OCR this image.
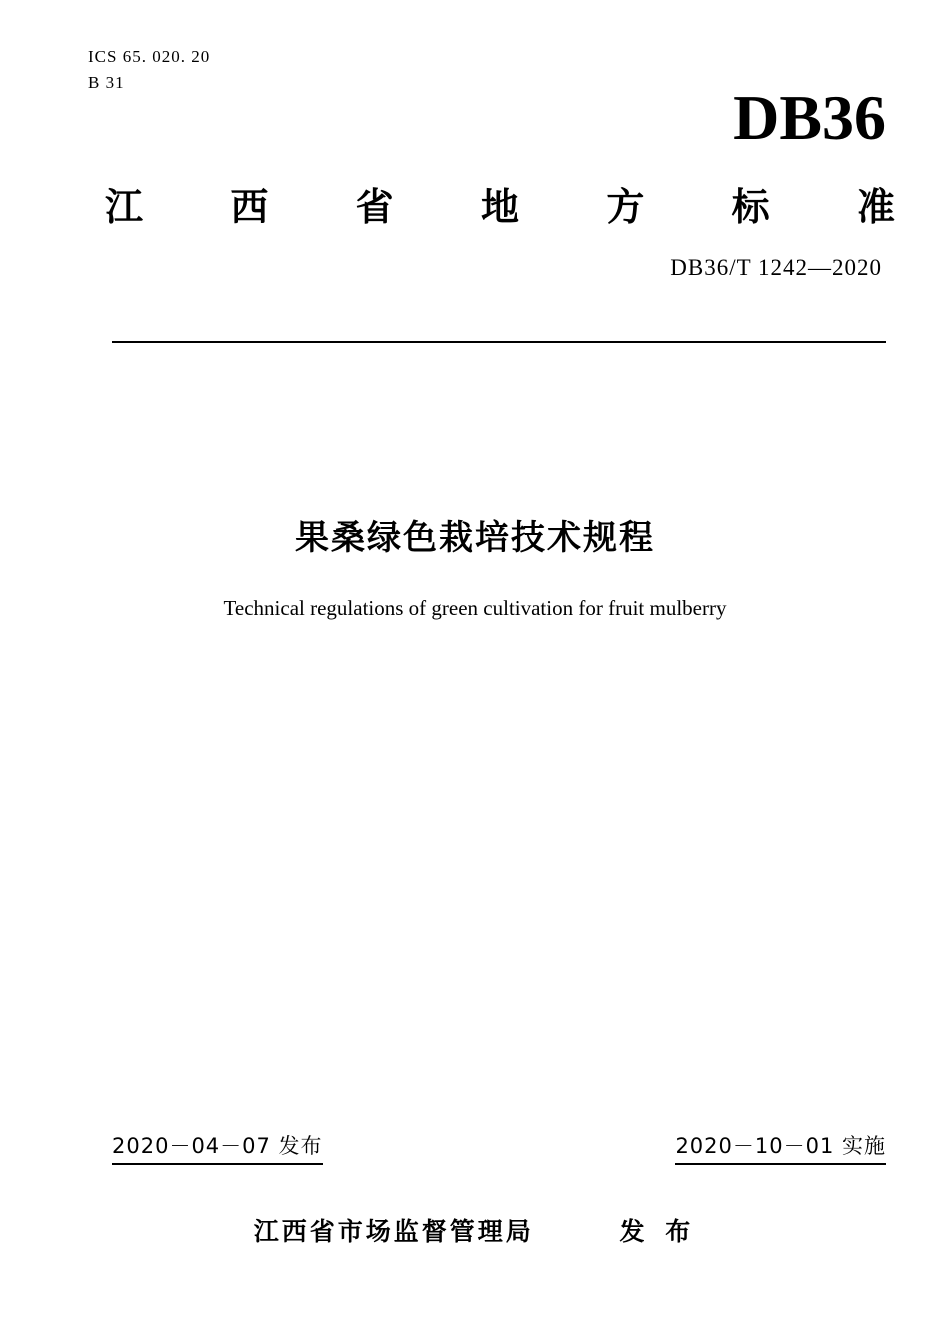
ICS 65. 020. 20
B 31	DB36
江 西 省 地 方 标 准
DB36/T 1242—2020
果桑绿色栽培技术规程
Technical regulations of green cultivation for fruit mulberry
2020－04－07 发布	2020－10－01 实施
江西省市场监督管理局	发 布
